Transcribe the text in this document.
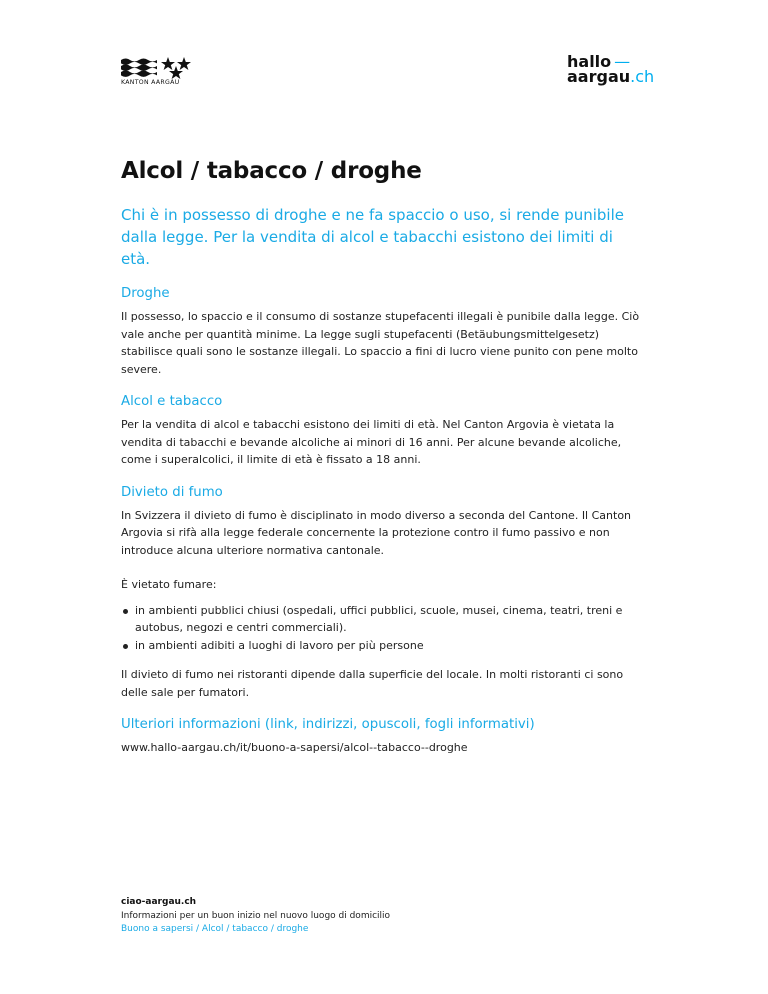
KANTON AARGAU
hallo —
aargau.ch
Alcol / tabacco / droghe

Chi è in possesso di droghe e ne fa spaccio o uso, si rende punibile dalla legge. Per la vendita di alcol e tabacchi esistono dei limiti di età.

Droghe

Il possesso, lo spaccio e il consumo di sostanze stupefacenti illegali è punibile dalla legge. Ciò vale anche per quantità minime. La legge sugli stupefacenti (Betäubungsmittelgesetz) stabilisce quali sono le sostanze illegali. Lo spaccio a fini di lucro viene punito con pene molto severe.

Alcol e tabacco

Per la vendita di alcol e tabacchi esistono dei limiti di età. Nel Canton Argovia è vietata la vendita di tabacchi e bevande alcoliche ai minori di 16 anni. Per alcune bevande alcoliche, come i superalcolici, il limite di età è fissato a 18 anni.

Divieto di fumo

In Svizzera il divieto di fumo è disciplinato in modo diverso a seconda del Cantone. Il Canton Argovia si rifà alla legge federale concernente la protezione contro il fumo passivo e non introduce alcuna ulteriore normativa cantonale.

È vietato fumare:

in ambienti pubblici chiusi (ospedali, uffici pubblici, scuole, musei, cinema, teatri, treni e autobus, negozi e centri commerciali).
in ambienti adibiti a luoghi di lavoro per più persone

Il divieto di fumo nei ristoranti dipende dalla superficie del locale. In molti ristoranti ci sono delle sale per fumatori.

Ulteriori informazioni (link, indirizzi, opuscoli, fogli informativi)

www.hallo-aargau.ch/it/buono-a-sapersi/alcol--tabacco--droghe

ciao-aargau.ch
Informazioni per un buon inizio nel nuovo luogo di domicilio
Buono a sapersi / Alcol / tabacco / droghe
